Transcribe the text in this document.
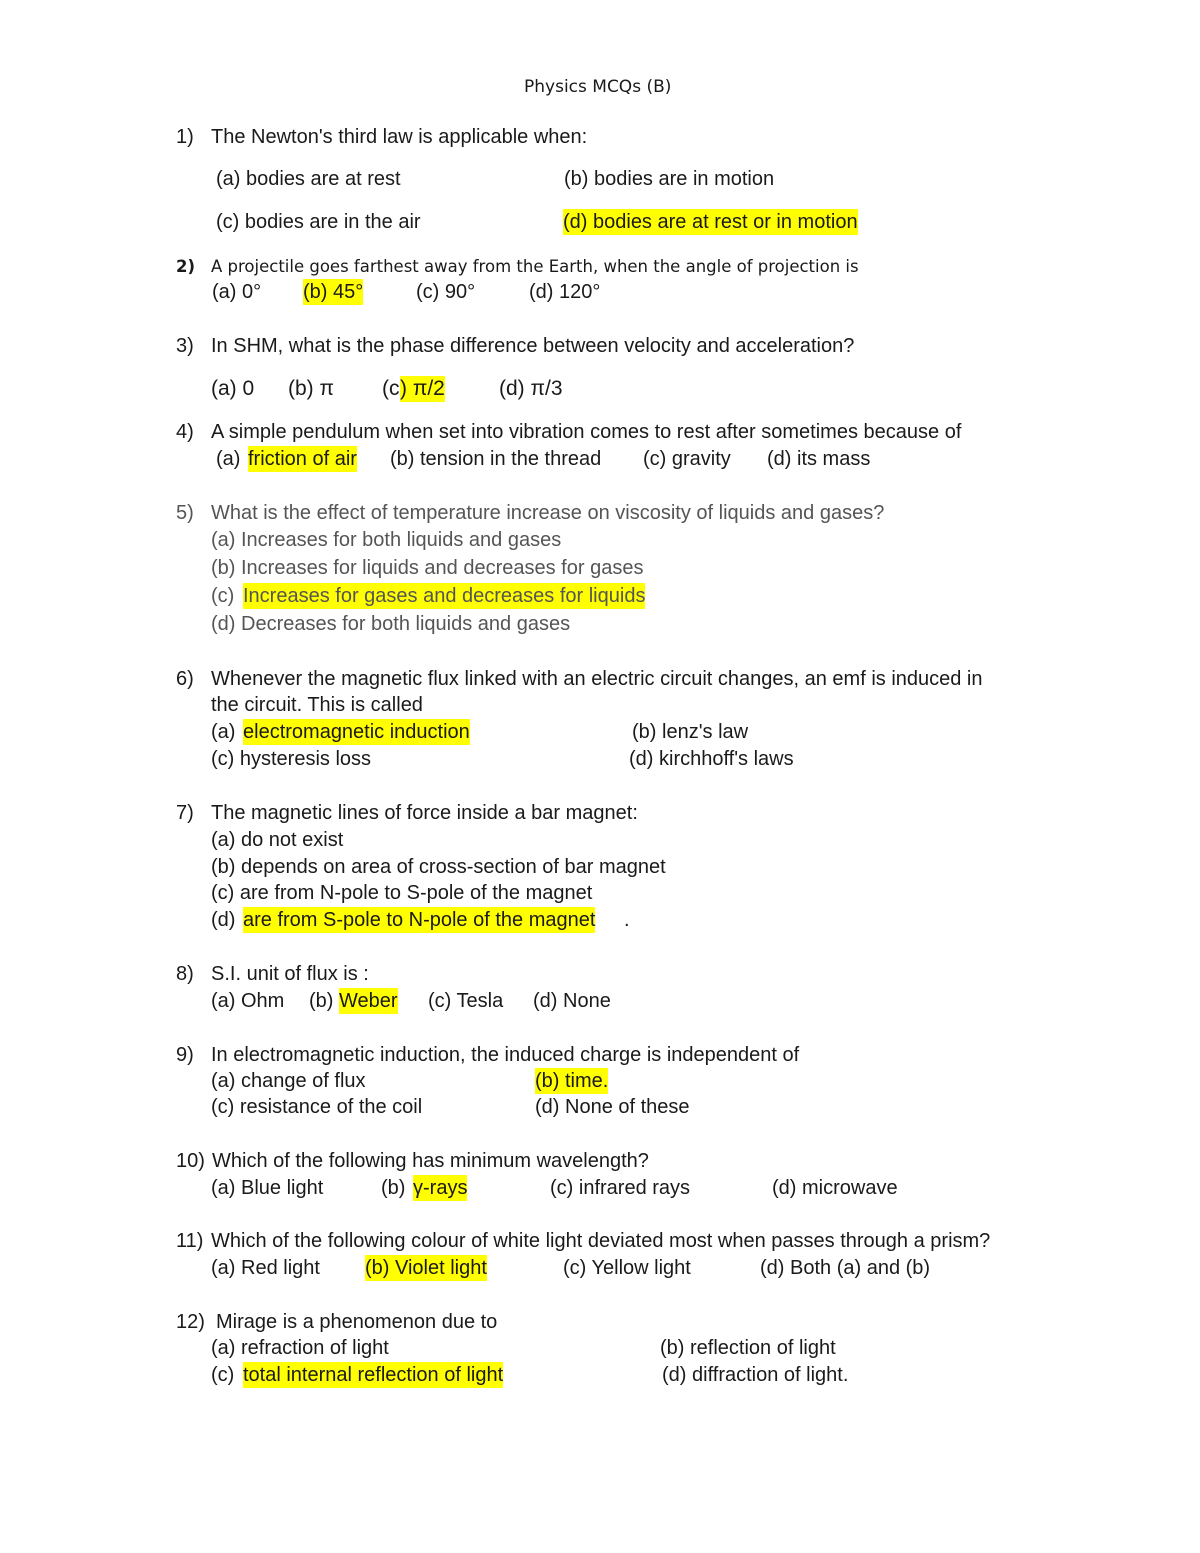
Physics MCQs (B)
1) The Newton's third law is applicable when:
(a) bodies are at rest	(b) bodies are in motion
(c) bodies are in the air	(d) bodies are at rest or in motion
2) A projectile goes farthest away from the Earth, when the angle of projection is
(a) 0° (b) 45°	(c) 90°	(d) 120°
3) In SHM, what is the phase difference between velocity and acceleration?
(a) 0 (b) π (c ) π/2	(d) π/3
4) A simple pendulum when set into vibration comes to rest after sometimes because of
(a) friction of air (b) tension in the thread (c) gravity (d) its mass
5) What is the effect of temperature increase on viscosity of liquids and gases?
(a) Increases for both liquids and gases
(b) Increases for liquids and decreases for gases
(c) Increases for gases and decreases for liquids
(d) Decreases for both liquids and gases
6) Whenever the magnetic flux linked with an electric circuit changes, an emf is induced in
the circuit. This is called
(a) electromagnetic induction	(b) lenz's law
(c) hysteresis loss	(d) kirchhoff's laws
7) The magnetic lines of force inside a bar magnet:
(a) do not exist
(b) depends on area of cross-section of bar magnet
(c) are from N-pole to S-pole of the magnet
(d) are from S-pole to N-pole of the magnet .
8) S.I. unit of flux is :
(a) Ohm (b) Weber (c) Tesla (d) None
9) In electromagnetic induction, the induced charge is independent of
(a) change of flux	(b) time.
(c) resistance of the coil	(d) None of these
10) Which of the following has minimum wavelength?
(a) Blue light	(b) γ-rays	(c) infrared rays	(d) microwave
11) Which of the following colour of white light deviated most when passes through a prism?
(a) Red light (b) Violet light	(c) Yellow light	(d) Both (a) and (b)
12) Mirage is a phenomenon due to
(a) refraction of light	(b) reflection of light
(c) total internal reflection of light	(d) diffraction of light.
